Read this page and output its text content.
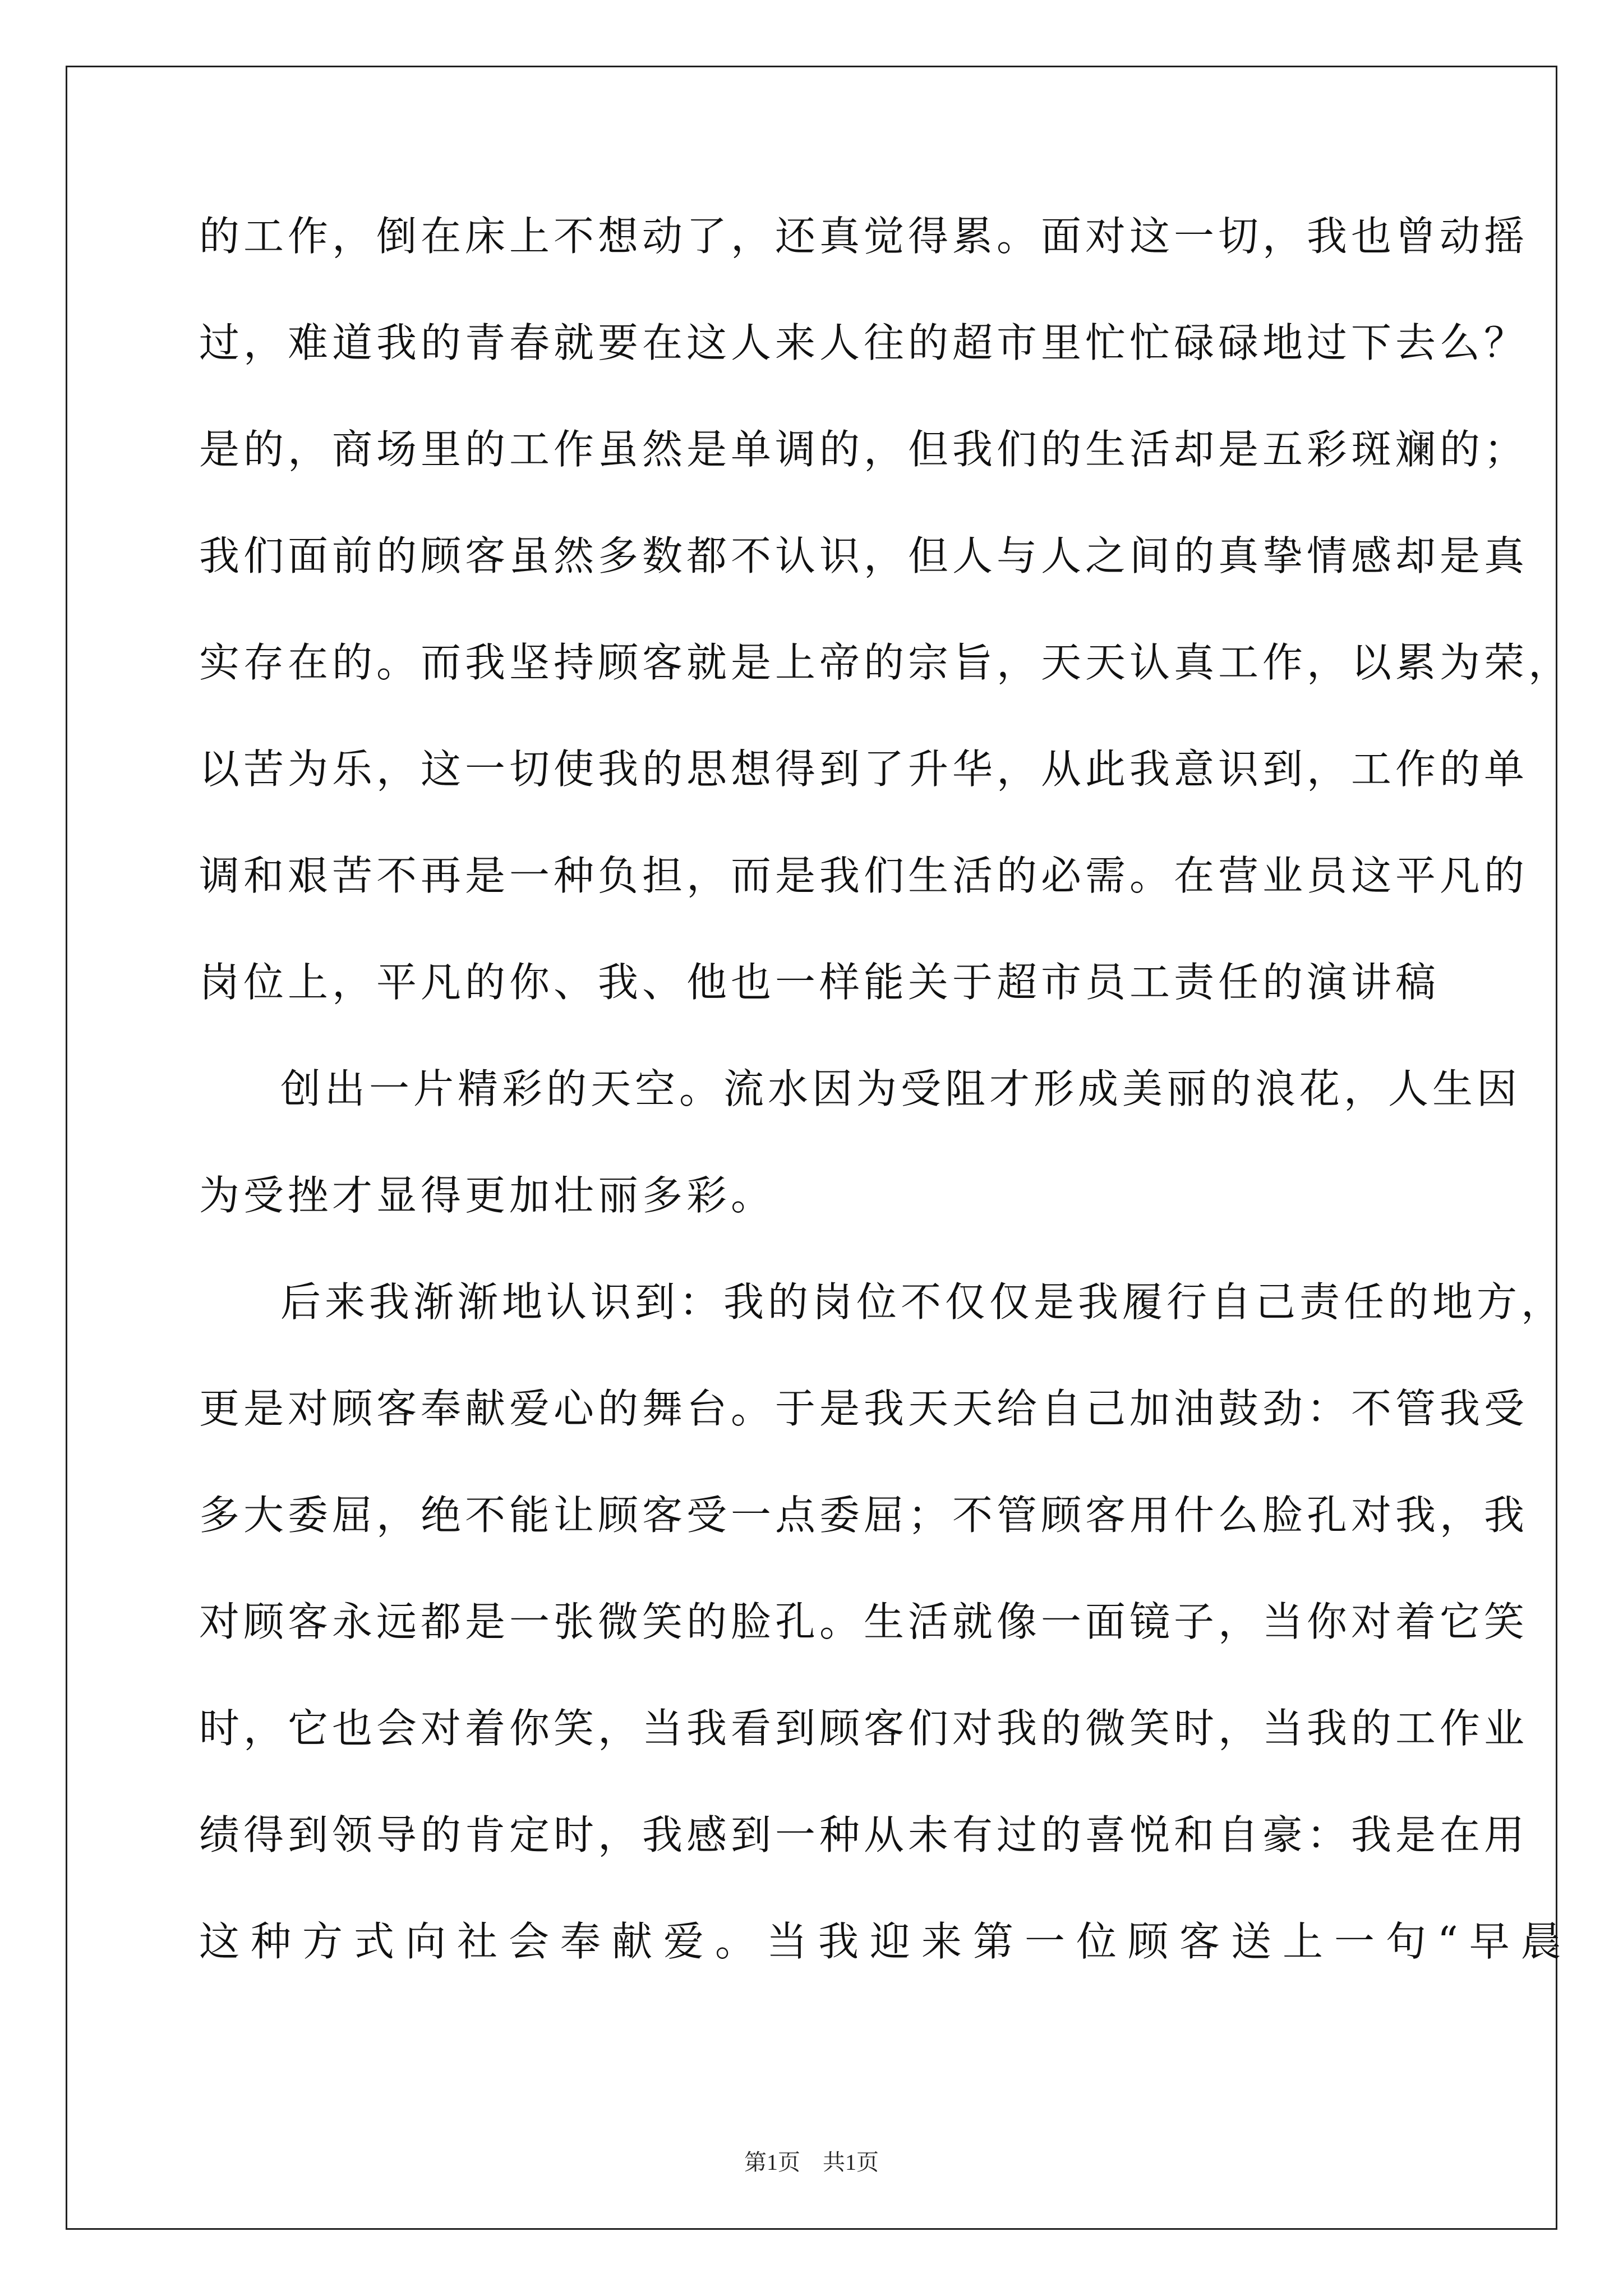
的工作，倒在床上不想动了，还真觉得累。面对这一切，我也曾动摇
过，难道我的青春就要在这人来人往的超市里忙忙碌碌地过下去么？
是的，商场里的工作虽然是单调的，但我们的生活却是五彩斑斓的；
我们面前的顾客虽然多数都不认识，但人与人之间的真挚情感却是真
实存在的。而我坚持顾客就是上帝的宗旨，天天认真工作，以累为荣，
以苦为乐，这一切使我的思想得到了升华，从此我意识到，工作的单
调和艰苦不再是一种负担，而是我们生活的必需。在营业员这平凡的
岗位上，平凡的你、我、他也一样能关于超市员工责任的演讲稿
创出一片精彩的天空。流水因为受阻才形成美丽的浪花，人生因
为受挫才显得更加壮丽多彩。
后来我渐渐地认识到：我的岗位不仅仅是我履行自己责任的地方，
更是对顾客奉献爱心的舞台。于是我天天给自己加油鼓劲：不管我受
多大委屈，绝不能让顾客受一点委屈；不管顾客用什么脸孔对我，我
对顾客永远都是一张微笑的脸孔。生活就像一面镜子，当你对着它笑
时，它也会对着你笑，当我看到顾客们对我的微笑时，当我的工作业
绩得到领导的肯定时，我感到一种从未有过的喜悦和自豪：我是在用
这种方式向社会奉献爱。当我迎来第一位顾客送上一句“早晨
第1页　共1页
